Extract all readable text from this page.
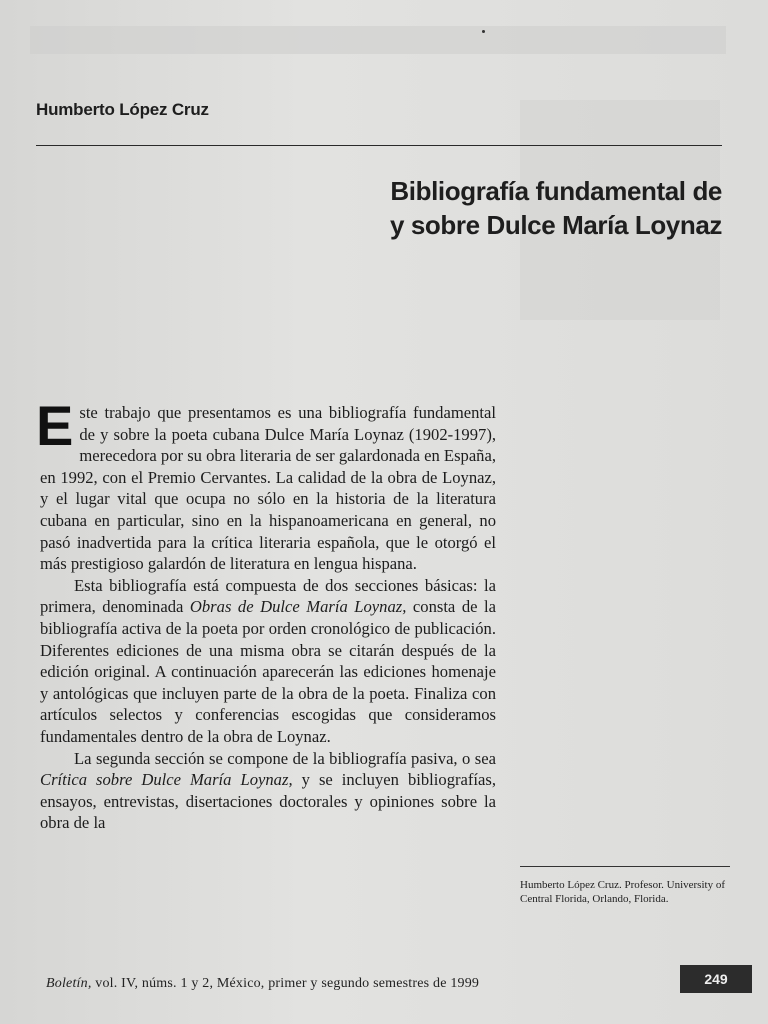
Humberto López Cruz
Bibliografía fundamental de
y sobre Dulce María Loynaz

Este trabajo que presentamos es una bibliografía fundamental de y sobre la poeta cubana Dulce María Loynaz (1902-1997), merecedora por su obra literaria de ser galardonada en España, en 1992, con el Premio Cervantes. La calidad de la obra de Loynaz, y el lugar vital que ocupa no sólo en la historia de la literatura cubana en particular, sino en la hispanoamericana en general, no pasó inadvertida para la crítica literaria española, que le otorgó el más prestigioso galardón de literatura en lengua hispana.

Esta bibliografía está compuesta de dos secciones básicas: la primera, denominada Obras de Dulce María Loynaz, consta de la bibliografía activa de la poeta por orden cronológico de publicación. Diferentes ediciones de una misma obra se citarán después de la edición original. A continuación aparecerán las ediciones homenaje y antológicas que incluyen parte de la obra de la poeta. Finaliza con artículos selectos y conferencias escogidas que consideramos fundamentales dentro de la obra de Loynaz.

La segunda sección se compone de la bibliografía pasiva, o sea Crítica sobre Dulce María Loynaz, y se incluyen bibliografías, ensayos, entrevistas, disertaciones doctorales y opiniones sobre la obra de la

Humberto López Cruz. Profesor. University of Central Florida, Orlando, Florida.
Boletín, vol. IV, núms. 1 y 2, México, primer y segundo semestres de 1999	249
